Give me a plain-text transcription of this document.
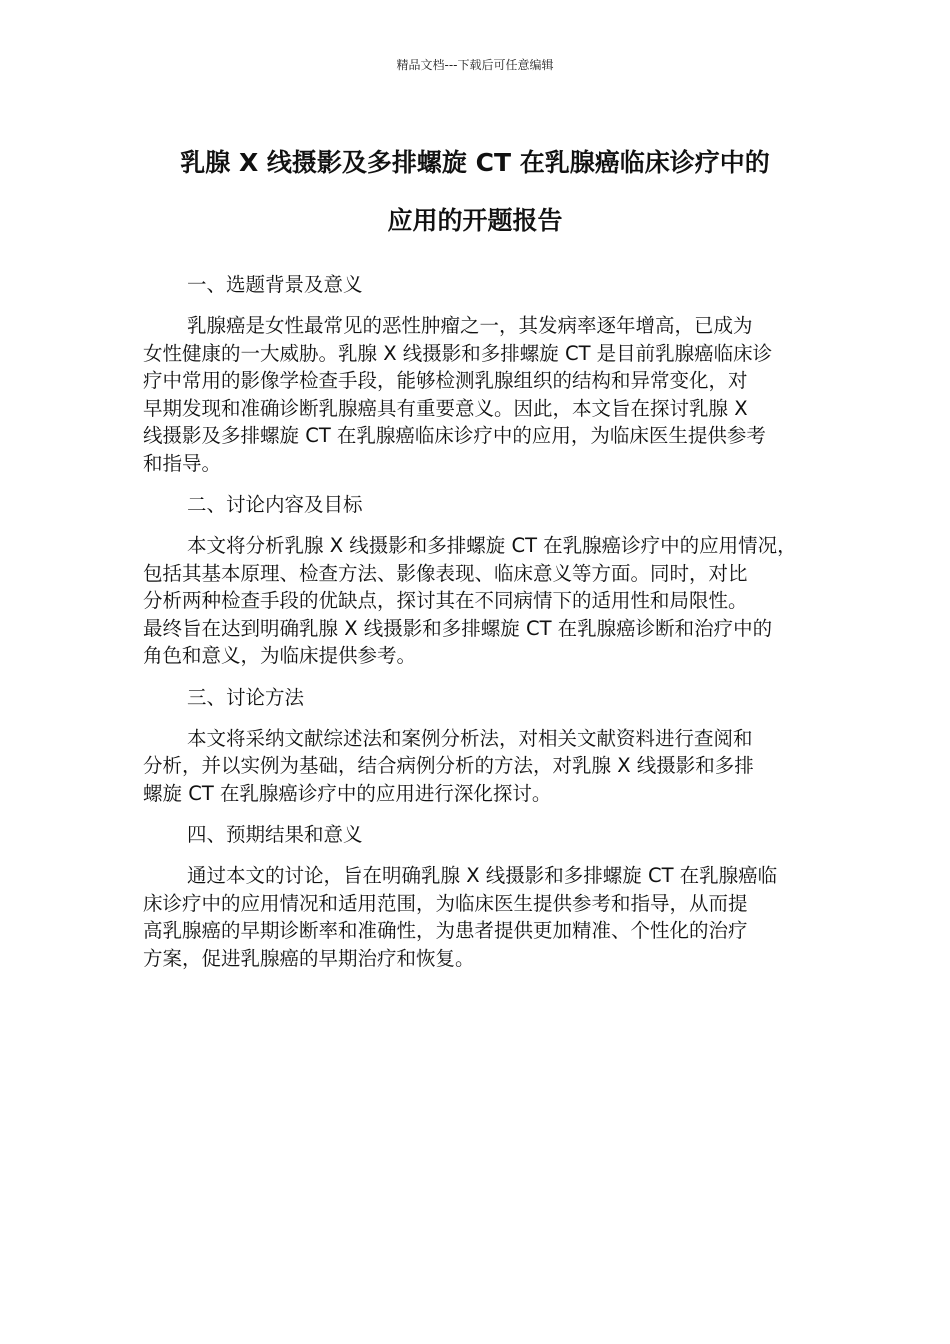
精品文档---下载后可任意编辑
乳腺 X 线摄影及多排螺旋 CT 在乳腺癌临床诊疗中的
应用的开题报告
一、选题背景及意义
乳腺癌是女性最常见的恶性肿瘤之一，其发病率逐年增高，已成为
女性健康的一大威胁。乳腺 X 线摄影和多排螺旋 CT 是目前乳腺癌临床诊
疗中常用的影像学检查手段，能够检测乳腺组织的结构和异常变化，对
早期发现和准确诊断乳腺癌具有重要意义。因此，本文旨在探讨乳腺 X
线摄影及多排螺旋 CT 在乳腺癌临床诊疗中的应用，为临床医生提供参考
和指导。
二、讨论内容及目标
本文将分析乳腺 X 线摄影和多排螺旋 CT 在乳腺癌诊疗中的应用情况，
包括其基本原理、检查方法、影像表现、临床意义等方面。同时，对比
分析两种检查手段的优缺点，探讨其在不同病情下的适用性和局限性。
最终旨在达到明确乳腺 X 线摄影和多排螺旋 CT 在乳腺癌诊断和治疗中的
角色和意义，为临床提供参考。
三、讨论方法
本文将采纳文献综述法和案例分析法，对相关文献资料进行查阅和
分析，并以实例为基础，结合病例分析的方法，对乳腺 X 线摄影和多排
螺旋 CT 在乳腺癌诊疗中的应用进行深化探讨。
四、预期结果和意义
通过本文的讨论，旨在明确乳腺 X 线摄影和多排螺旋 CT 在乳腺癌临
床诊疗中的应用情况和适用范围，为临床医生提供参考和指导，从而提
高乳腺癌的早期诊断率和准确性，为患者提供更加精准、个性化的治疗
方案，促进乳腺癌的早期治疗和恢复。
